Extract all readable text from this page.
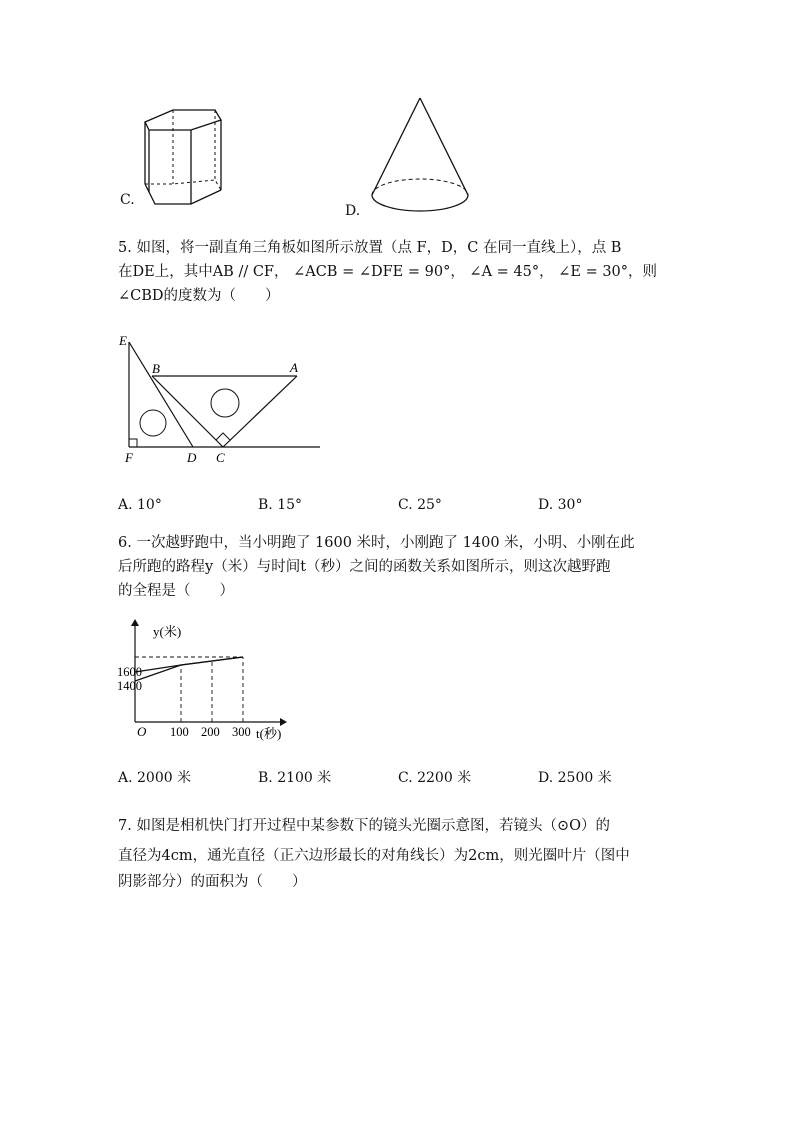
C.
D.
5. 如图，将一副直角三角板如图所示放置（点 F，D，C 在同一直线上），点 B
在DE上，其中AB // CF， ∠ACB = ∠DFE = 90°， ∠A = 45°， ∠E = 30°，则
∠CBD的度数为（　　）
E
B	A
F	D C
A. 10°	B. 15°	C. 25°	D. 30°
6. 一次越野跑中，当小明跑了 1600 米时，小刚跑了 1400 米，小明、小刚在此
后所跑的路程y（米）与时间t（秒）之间的函数关系如图所示，则这次越野跑
的全程是（　　）
y(米)
1600
1400
O 100 200 300 t(秒)
A. 2000 米	B. 2100 米	C. 2200 米	D. 2500 米
7. 如图是相机快门打开过程中某参数下的镜头光圈示意图，若镜头（⊙O）的
直径为4cm，通光直径（正六边形最长的对角线长）为2cm，则光圈叶片（图中
阴影部分）的面积为（　　）
